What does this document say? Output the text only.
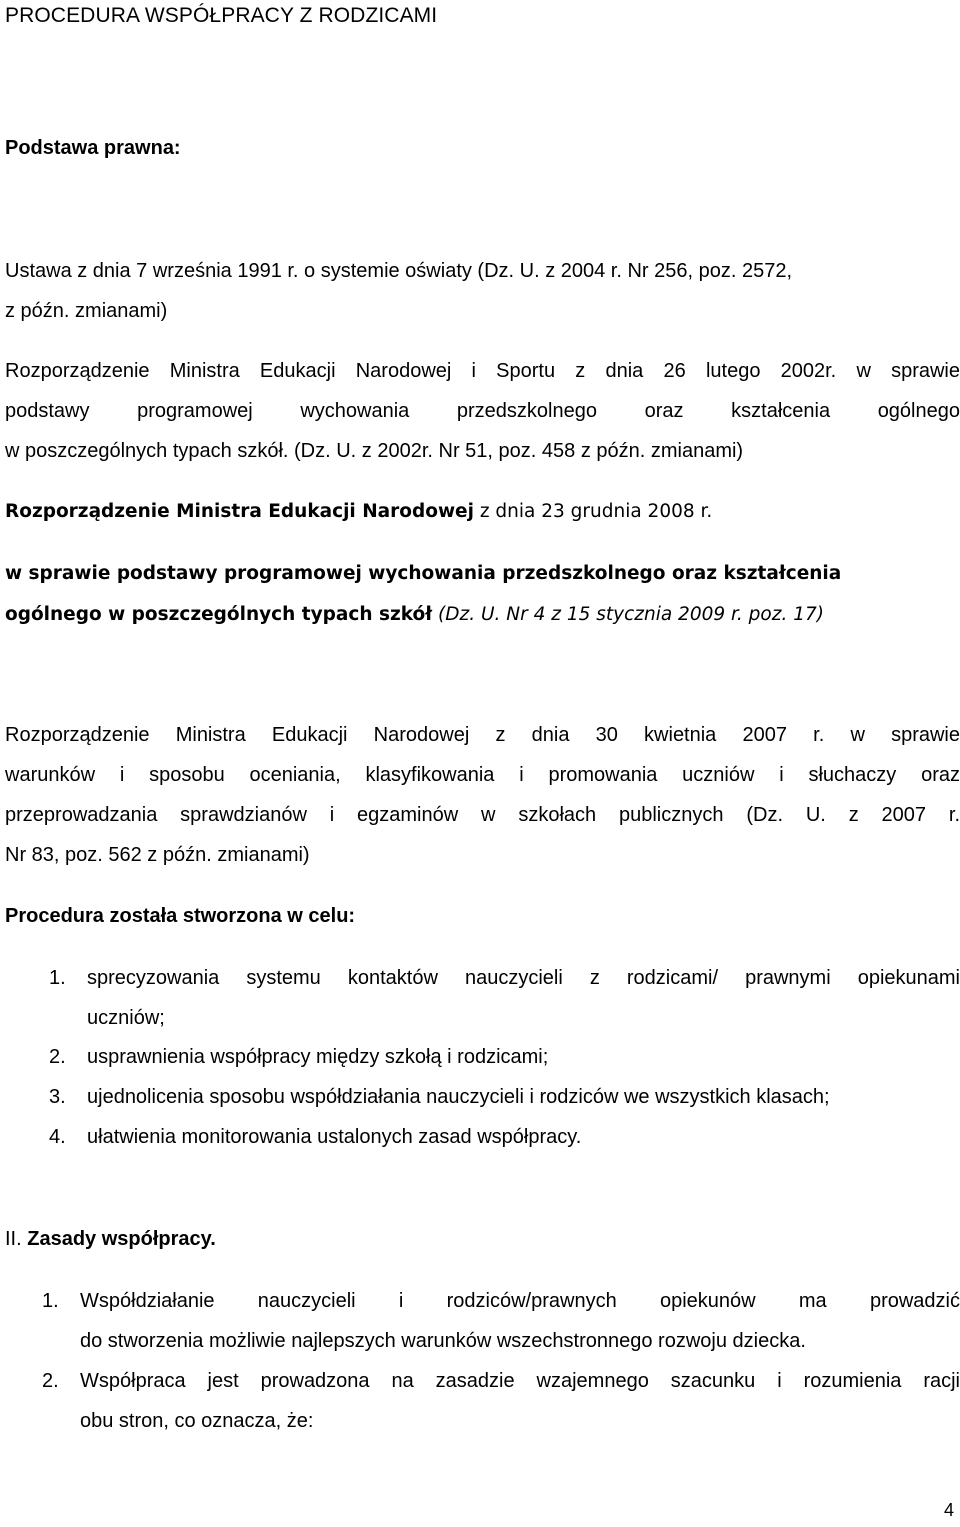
PROCEDURA WSPÓŁPRACY Z RODZICAMI
Podstawa prawna:
Ustawa z dnia 7 września 1991 r. o systemie oświaty (Dz. U. z 2004 r. Nr 256, poz. 2572,
z późn. zmianami)
Rozporządzenie Ministra Edukacji Narodowej i Sportu z dnia 26 lutego 2002r. w sprawie
podstawy programowej wychowania przedszkolnego oraz kształcenia ogólnego
w poszczególnych typach szkół. (Dz. U. z 2002r. Nr 51, poz. 458 z późn. zmianami)
Rozporządzenie Ministra Edukacji Narodowej z dnia 23 grudnia 2008 r.
w sprawie podstawy programowej wychowania przedszkolnego oraz kształcenia
ogólnego w poszczególnych typach szkół (Dz. U. Nr 4 z 15 stycznia 2009 r. poz. 17)
Rozporządzenie Ministra Edukacji Narodowej z dnia 30 kwietnia 2007 r. w sprawie
warunków i sposobu oceniania, klasyfikowania i promowania uczniów i słuchaczy oraz
przeprowadzania sprawdzianów i egzaminów w szkołach publicznych (Dz. U. z 2007 r.
Nr 83, poz. 562 z późn. zmianami)
Procedura została stworzona w celu:
1. sprecyzowania systemu kontaktów nauczycieli z rodzicami/ prawnymi opiekunami
uczniów;
2. usprawnienia współpracy między szkołą i rodzicami;
3. ujednolicenia sposobu współdziałania nauczycieli i rodziców we wszystkich klasach;
4. ułatwienia monitorowania ustalonych zasad współpracy.
II. Zasady współpracy.
1. Współdziałanie nauczycieli i rodziców/prawnych opiekunów ma prowadzić
do stworzenia możliwie najlepszych warunków wszechstronnego rozwoju dziecka.
2. Współpraca jest prowadzona na zasadzie wzajemnego szacunku i rozumienia racji
obu stron, co oznacza, że:
4
